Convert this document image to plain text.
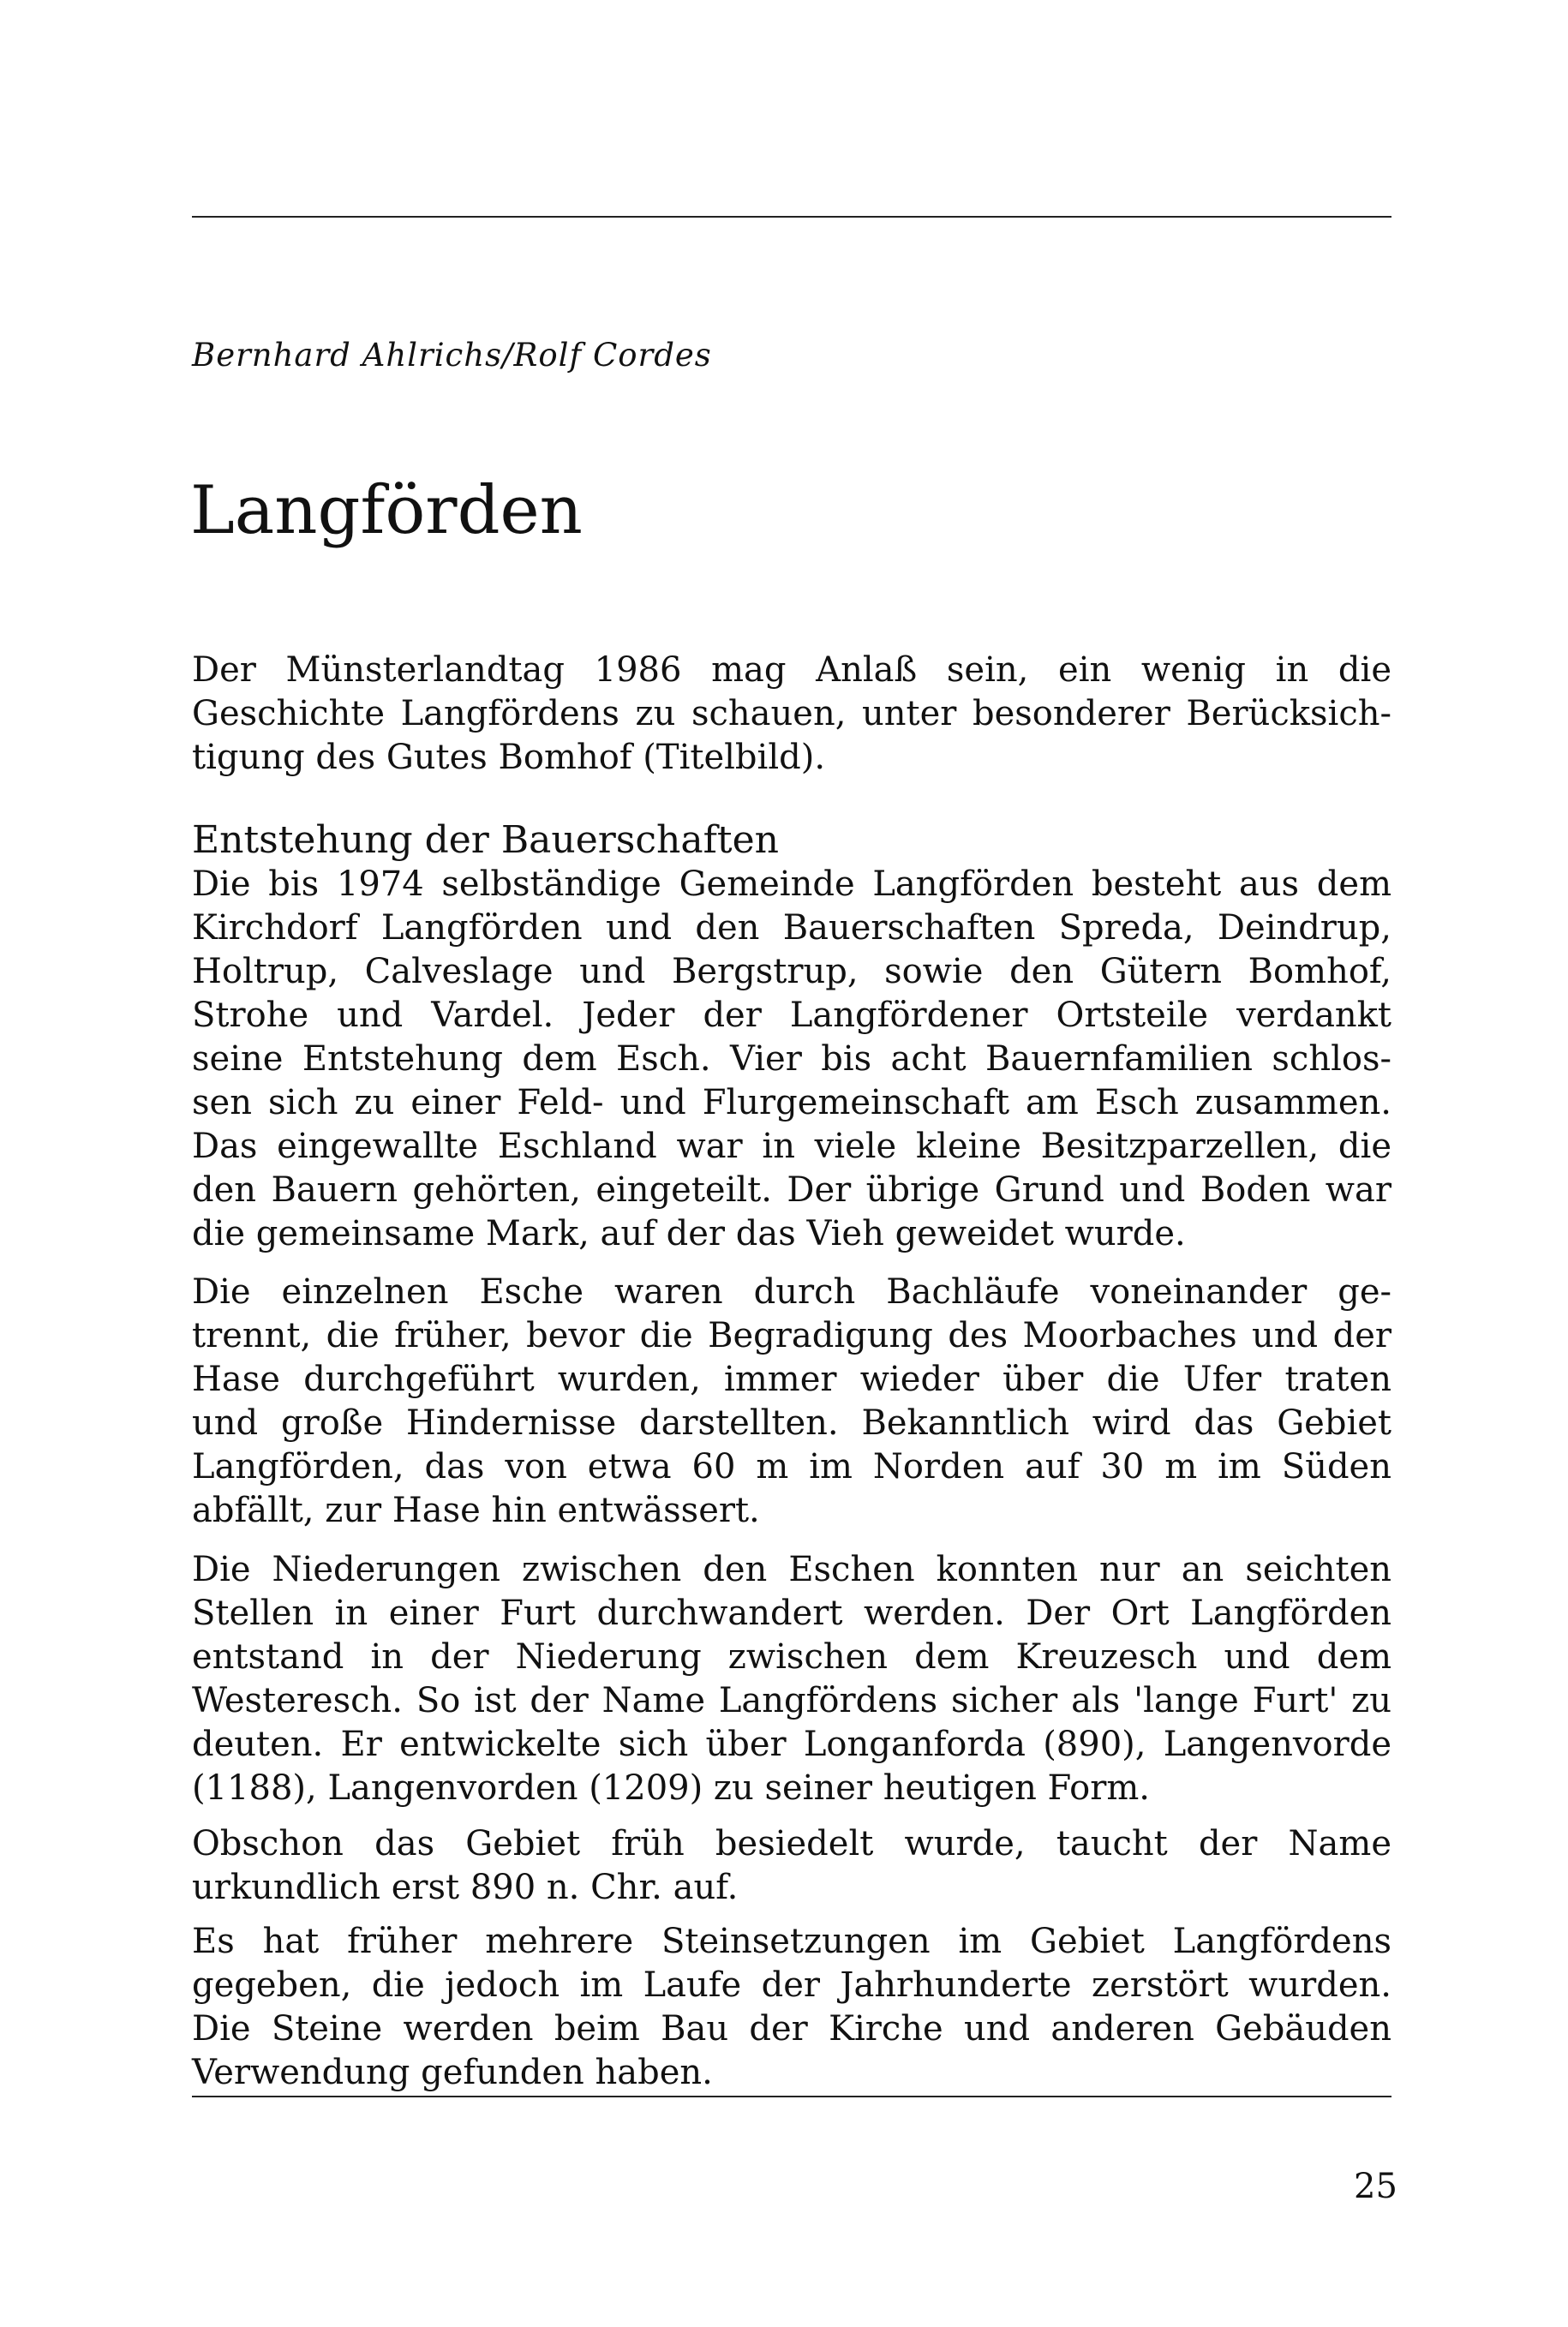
Bernhard Ahlrichs/Rolf Cordes
Langförden
Der Münsterlandtag 1986 mag Anlaß sein, ein wenig in die
Geschichte Langfördens zu schauen, unter besonderer Berücksich-
tigung des Gutes Bomhof (Titelbild).
Entstehung der Bauerschaften
Die bis 1974 selbständige Gemeinde Langförden besteht aus dem
Kirchdorf Langförden und den Bauerschaften Spreda, Deindrup,
Holtrup, Calveslage und Bergstrup, sowie den Gütern Bomhof,
Strohe und Vardel. Jeder der Langfördener Ortsteile verdankt
seine Entstehung dem Esch. Vier bis acht Bauernfamilien schlos-
sen sich zu einer Feld- und Flurgemeinschaft am Esch zusammen.
Das eingewallte Eschland war in viele kleine Besitzparzellen, die
den Bauern gehörten, eingeteilt. Der übrige Grund und Boden war
die gemeinsame Mark, auf der das Vieh geweidet wurde.
Die einzelnen Esche waren durch Bachläufe voneinander ge-
trennt, die früher, bevor die Begradigung des Moorbaches und der
Hase durchgeführt wurden, immer wieder über die Ufer traten
und große Hindernisse darstellten. Bekanntlich wird das Gebiet
Langförden, das von etwa 60 m im Norden auf 30 m im Süden
abfällt, zur Hase hin entwässert.
Die Niederungen zwischen den Eschen konnten nur an seichten
Stellen in einer Furt durchwandert werden. Der Ort Langförden
entstand in der Niederung zwischen dem Kreuzesch und dem
Westeresch. So ist der Name Langfördens sicher als 'lange Furt' zu
deuten. Er entwickelte sich über Longanforda (890), Langenvorde
(1188), Langenvorden (1209) zu seiner heutigen Form.
Obschon das Gebiet früh besiedelt wurde, taucht der Name
urkundlich erst 890 n. Chr. auf.
Es hat früher mehrere Steinsetzungen im Gebiet Langfördens
gegeben, die jedoch im Laufe der Jahrhunderte zerstört wurden.
Die Steine werden beim Bau der Kirche und anderen Gebäuden
Verwendung gefunden haben.
25
